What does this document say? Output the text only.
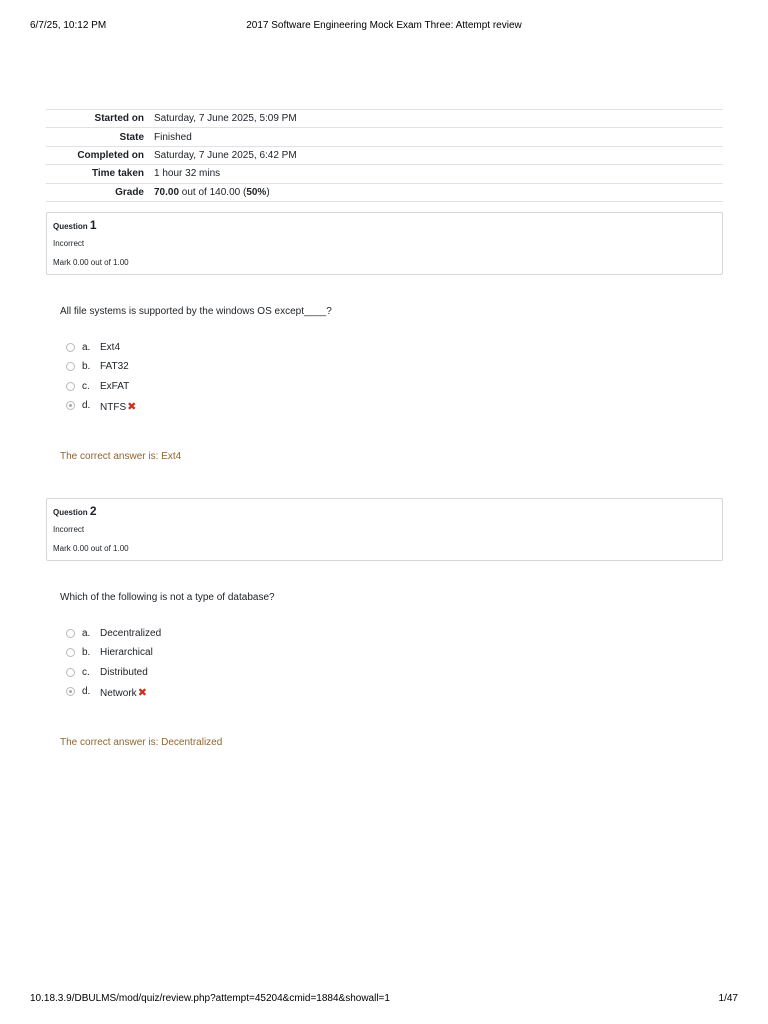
6/7/25, 10:12 PM	2017 Software Engineering Mock Exam Three: Attempt review
Started on	Saturday, 7 June 2025, 5:09 PM
State	Finished
Completed on	Saturday, 7 June 2025, 6:42 PM
Time taken	1 hour 32 mins
Grade	70.00 out of 140.00 (50%)
Question 1
Incorrect
Mark 0.00 out of 1.00
All file systems is supported by the windows OS except____?
a. Ext4
b. FAT32
c. ExFAT
d. NTFS✖
The correct answer is: Ext4
Question 2
Incorrect
Mark 0.00 out of 1.00
Which of the following is not a type of database?
a. Decentralized
b. Hierarchical
c. Distributed
d. Network✖
The correct answer is: Decentralized
10.18.3.9/DBULMS/mod/quiz/review.php?attempt=45204&cmid=1884&showall=1	1/47
